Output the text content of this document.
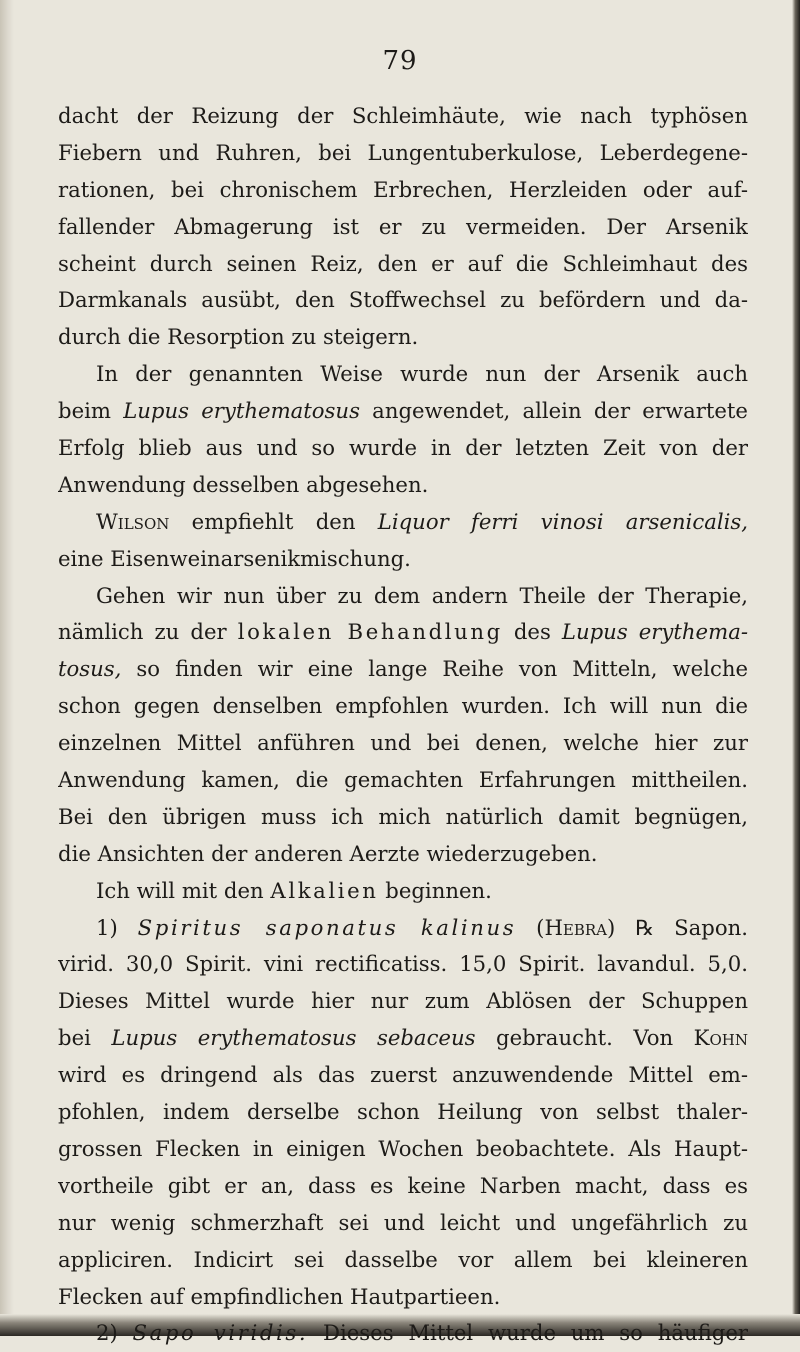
79
dacht der Reizung der Schleimhäute, wie nach typhösen
Fiebern und Ruhren, bei Lungentuberkulose, Leberdegene-
rationen, bei chronischem Erbrechen, Herzleiden oder auf-
fallender Abmagerung ist er zu vermeiden. Der Arsenik
scheint durch seinen Reiz, den er auf die Schleimhaut des
Darmkanals ausübt, den Stoffwechsel zu befördern und da-
durch die Resorption zu steigern.
In der genannten Weise wurde nun der Arsenik auch
beim Lupus erythematosus angewendet, allein der erwartete
Erfolg blieb aus und so wurde in der letzten Zeit von der
Anwendung desselben abgesehen.
Wilson empfiehlt den Liquor ferri vinosi arsenicalis,
eine Eisenweinarsenikmischung.
Gehen wir nun über zu dem andern Theile der Therapie,
nämlich zu der lokalen Behandlung des Lupus erythema-
tosus, so finden wir eine lange Reihe von Mitteln, welche
schon gegen denselben empfohlen wurden. Ich will nun die
einzelnen Mittel anführen und bei denen, welche hier zur
Anwendung kamen, die gemachten Erfahrungen mittheilen.
Bei den übrigen muss ich mich natürlich damit begnügen,
die Ansichten der anderen Aerzte wiederzugeben.
Ich will mit den Alkalien beginnen.
1) Spiritus saponatus kalinus (Hebra) ℞ Sapon.
virid. 30,0 Spirit. vini rectificatiss. 15,0 Spirit. lavandul. 5,0.
Dieses Mittel wurde hier nur zum Ablösen der Schuppen
bei Lupus erythematosus sebaceus gebraucht. Von Kohn
wird es dringend als das zuerst anzuwendende Mittel em-
pfohlen, indem derselbe schon Heilung von selbst thaler-
grossen Flecken in einigen Wochen beobachtete. Als Haupt-
vortheile gibt er an, dass es keine Narben macht, dass es
nur wenig schmerzhaft sei und leicht und ungefährlich zu
appliciren. Indicirt sei dasselbe vor allem bei kleineren
Flecken auf empfindlichen Hautpartieen.
2) Sapo viridis. Dieses Mittel wurde um so häufiger
